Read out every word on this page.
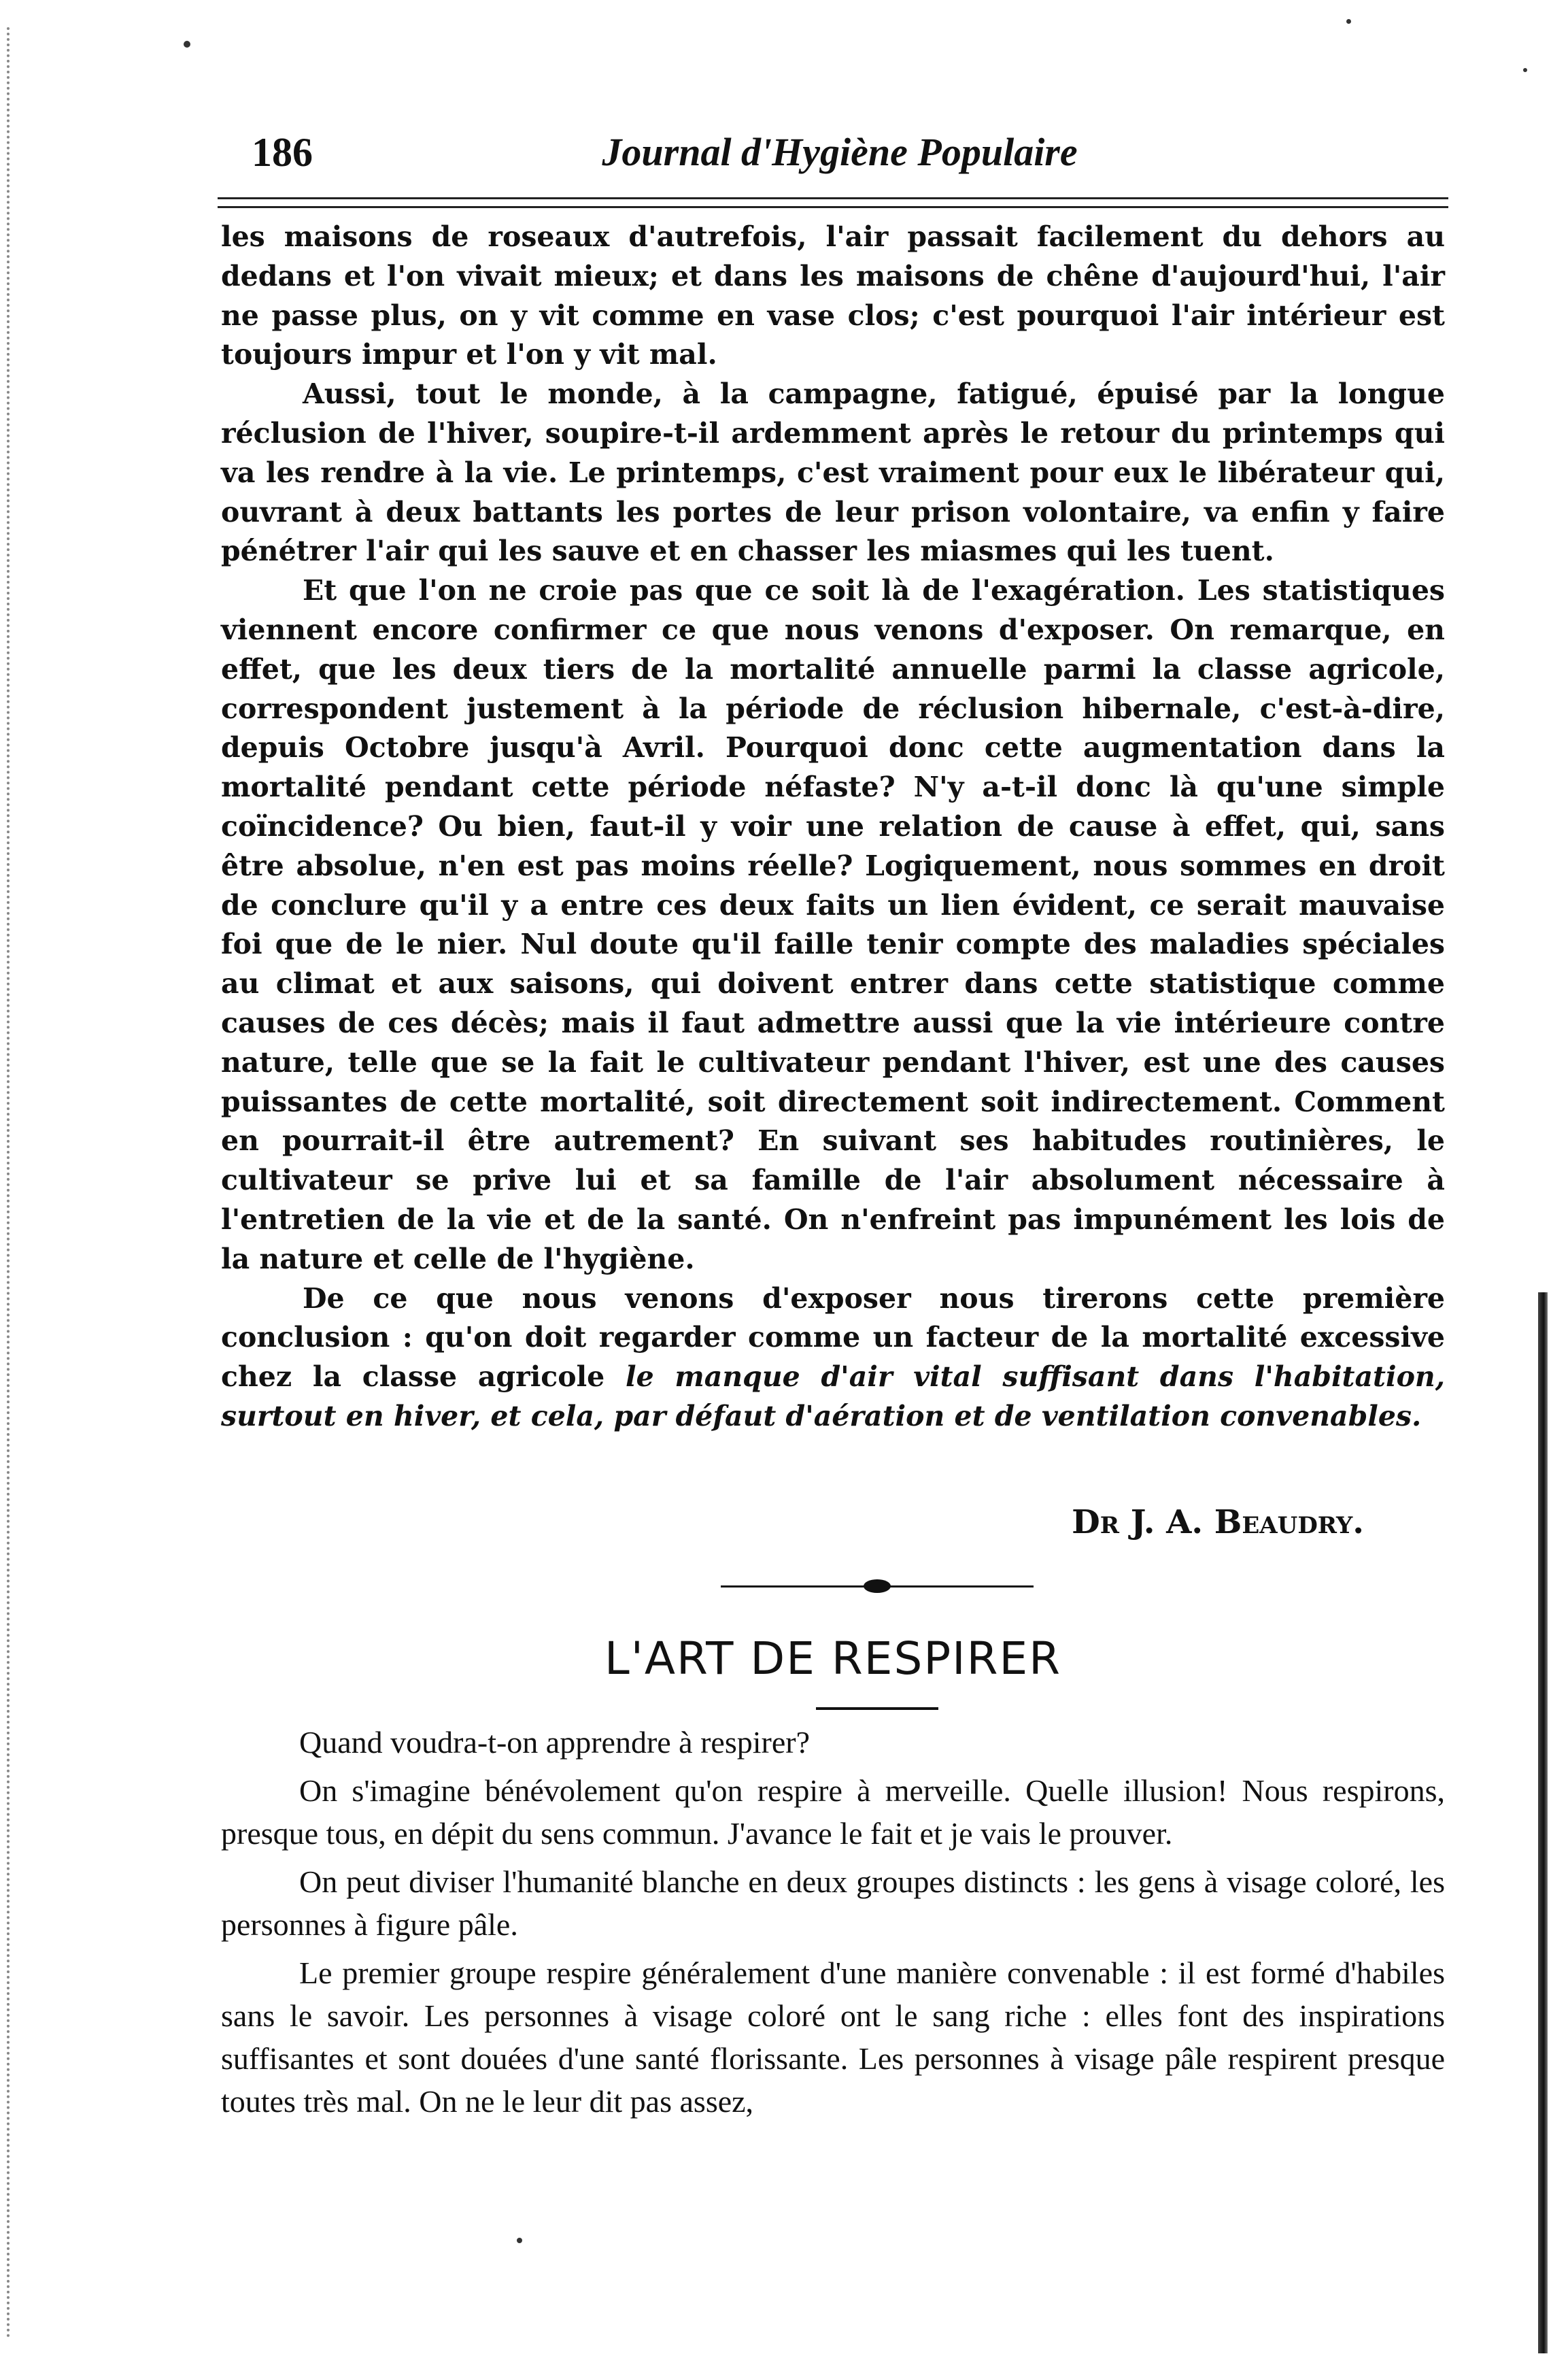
186	Journal d'Hygiène Populaire

les maisons de roseaux d'autrefois, l'air passait facilement du dehors au dedans et l'on vivait mieux; et dans les maisons de chêne d'aujourd'hui, l'air ne passe plus, on y vit comme en vase clos; c'est pourquoi l'air intérieur est toujours impur et l'on y vit mal.

Aussi, tout le monde, à la campagne, fatigué, épuisé par la longue réclusion de l'hiver, soupire-t-il ardemment après le retour du printemps qui va les rendre à la vie. Le printemps, c'est vraiment pour eux le libérateur qui, ouvrant à deux battants les portes de leur prison volontaire, va enfin y faire pénétrer l'air qui les sauve et en chasser les miasmes qui les tuent.

Et que l'on ne croie pas que ce soit là de l'exagération. Les statistiques viennent encore confirmer ce que nous venons d'exposer. On remarque, en effet, que les deux tiers de la mortalité annuelle parmi la classe agricole, correspondent justement à la période de réclusion hibernale, c'est-à-dire, depuis Octobre jusqu'à Avril. Pourquoi donc cette augmentation dans la mortalité pendant cette période néfaste? N'y a-t-il donc là qu'une simple coïncidence? Ou bien, faut-il y voir une relation de cause à effet, qui, sans être absolue, n'en est pas moins réelle? Logiquement, nous sommes en droit de conclure qu'il y a entre ces deux faits un lien évident, ce serait mauvaise foi que de le nier. Nul doute qu'il faille tenir compte des maladies spéciales au climat et aux saisons, qui doivent entrer dans cette statistique comme causes de ces décès; mais il faut admettre aussi que la vie intérieure contre nature, telle que se la fait le cultivateur pendant l'hiver, est une des causes puissantes de cette mortalité, soit directement soit indirectement. Comment en pourrait-il être autrement? En suivant ses habitudes routinières, le cultivateur se prive lui et sa famille de l'air absolument nécessaire à l'entretien de la vie et de la santé. On n'enfreint pas impunément les lois de la nature et celle de l'hygiène.

De ce que nous venons d'exposer nous tirerons cette première conclusion : qu'on doit regarder comme un facteur de la mortalité excessive chez la classe agricole le manque d'air vital suffisant dans l'habitation, surtout en hiver, et cela, par défaut d'aération et de ventilation convenables.

Dr J. A. Beaudry.
L'ART DE RESPIRER

Quand voudra-t-on apprendre à respirer?

On s'imagine bénévolement qu'on respire à merveille. Quelle illusion! Nous respirons, presque tous, en dépit du sens commun. J'avance le fait et je vais le prouver.

On peut diviser l'humanité blanche en deux groupes distincts : les gens à visage coloré, les personnes à figure pâle.

Le premier groupe respire généralement d'une manière convenable : il est formé d'habiles sans le savoir. Les personnes à visage coloré ont le sang riche : elles font des inspirations suffisantes et sont douées d'une santé florissante. Les personnes à visage pâle respirent presque toutes très mal. On ne le leur dit pas assez,
